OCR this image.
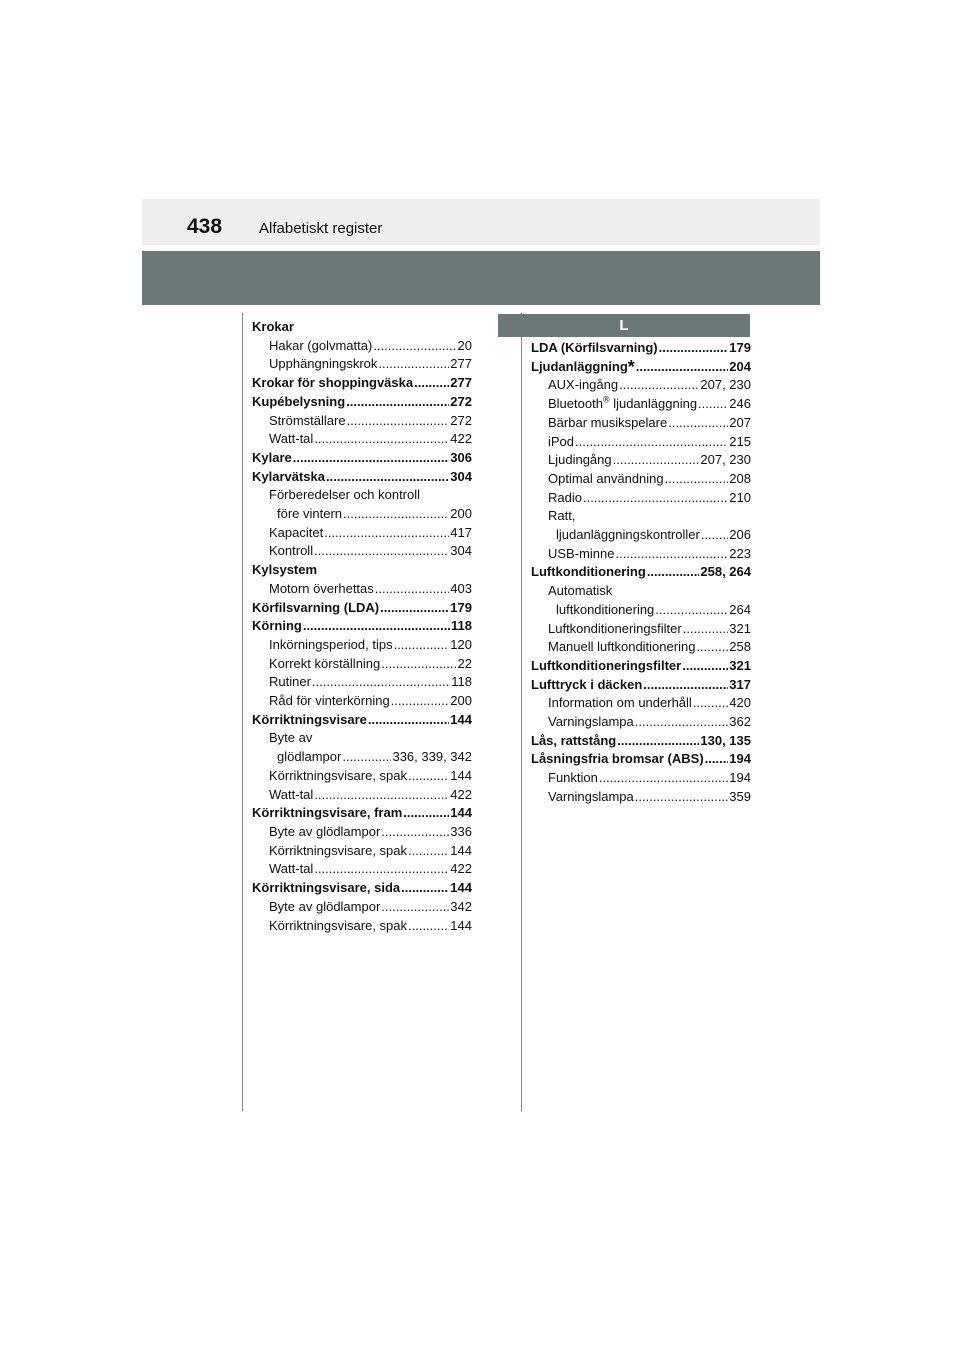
438 Alfabetiskt register
Krokar
Hakar (golvmatta) .....	20
Upphängningskrok .....	277
Krokar för shoppingväska .....	277
Kupébelysning .....	272
Strömställare .....	272
Watt-tal .....	422
Kylare .....	306
Kylarvätska .....	304
Förberedelser och kontroll
före vintern .....	200
Kapacitet .....	417
Kontroll .....	304
Kylsystem
Motorn överhettas .....	403
Körfilsvarning (LDA) .....	179
Körning .....	118
Inkörningsperiod, tips .....	120
Korrekt körställning .....	22
Rutiner .....	118
Råd för vinterkörning .....	200
Körriktningsvisare .....	144
Byte av
glödlampor .....	336, 339, 342
Körriktningsvisare, spak .....	144
Watt-tal .....	422
Körriktningsvisare, fram .....	144
Byte av glödlampor .....	336
Körriktningsvisare, spak .....	144
Watt-tal .....	422
Körriktningsvisare, sida .....	144
Byte av glödlampor .....	342
Körriktningsvisare, spak .....	144
L
LDA (Körfilsvarning) .....	179
Ljudanläggning* .....	204
AUX-ingång .....	207, 230
Bluetooth® ljudanläggning ..... 246
Bärbar musikspelare .....	207
iPod .....	215
Ljudingång .....	207, 230
Optimal användning .....	208
Radio .....	210
Ratt,
ljudanläggningskontroller ..... 206
USB-minne .....	223
Luftkonditionering .....	258, 264
Automatisk
luftkonditionering .....	264
Luftkonditioneringsfilter .....	321
Manuell luftkonditionering .....	258
Luftkonditioneringsfilter .....	321
Lufttryck i däcken .....	317
Information om underhåll .....	420
Varningslampa .....	362
Lås, rattstång .....	130, 135
Låsningsfria bromsar (ABS) ..... 194
Funktion .....	194
Varningslampa .....	359
